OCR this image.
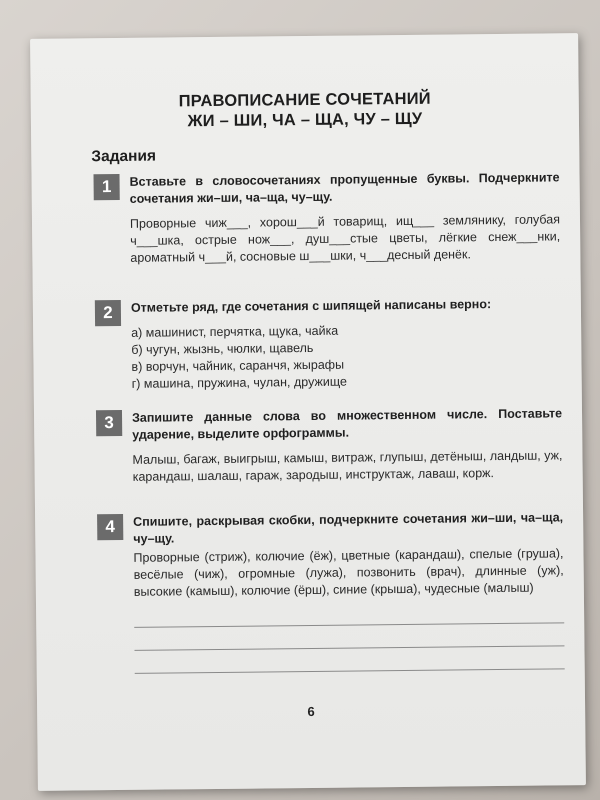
ПРАВОПИСАНИЕ СОЧЕТАНИЙ
ЖИ – ШИ, ЧА – ЩА, ЧУ – ЩУ
Задания
1	Вставьте в словосочетаниях пропущенные буквы. Подчеркните сочетания жи–ши, ча–ща, чу–щу.
Проворные чиж___, хорош___й товарищ, ищ___ землянику, голубая ч___шка, острые нож___, душ___стые цветы, лёгкие снеж___нки, ароматный ч___й, сосновые ш___шки, ч___десный денёк.
2	Отметьте ряд, где сочетания с шипящей написаны верно:
а) машинист, перчятка, щука, чайка
б) чугун, жызнь, чюлки, щавель
в) ворчун, чайник, саранчя, жырафы
г) машина, пружина, чулан, дружище
3	Запишите данные слова во множественном числе. Поставьте ударение, выделите орфограммы.
Малыш, багаж, выигрыш, камыш, витраж, глупыш, детёныш, ландыш, уж, карандаш, шалаш, гараж, зародыш, инструктаж, лаваш, корж.
4	Спишите, раскрывая скобки, подчеркните сочетания жи–ши, ча–ща, чу–щу.
Проворные (стриж), колючие (ёж), цветные (карандаш), спелые (груша), весёлые (чиж), огромные (лужа), позвонить (врач), длинные (уж), высокие (камыш), колючие (ёрш), синие (крыша), чудесные (малыш)
6
